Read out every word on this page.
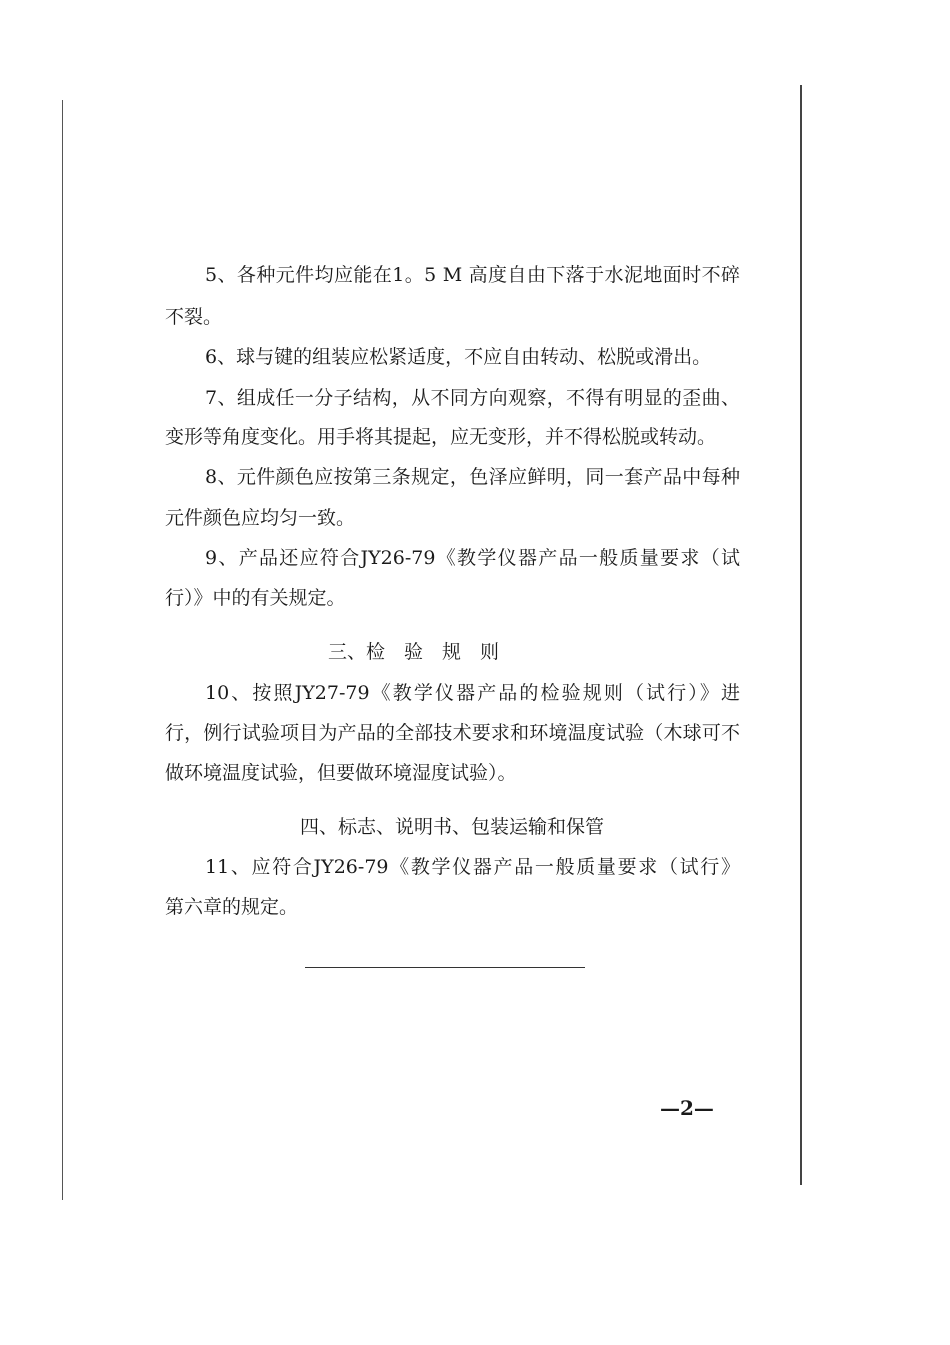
5、各种元件均应能在1。5 M 高度自由下落于水泥地面时不碎
不裂。
6、球与键的组装应松紧适度，不应自由转动、松脱或滑出。
7、组成任一分子结构，从不同方向观察，不得有明显的歪曲、
变形等角度变化。用手将其提起，应无变形，并不得松脱或转动。
8、元件颜色应按第三条规定，色泽应鲜明，同一套产品中每种
元件颜色应均匀一致。
9、产品还应符合JY26-79《教学仪器产品一般质量要求（试
行）》中的有关规定。
三、检　验　规　则
10、按照JY27-79《教学仪器产品的检验规则（试行）》进
行，例行试验项目为产品的全部技术要求和环境温度试验（木球可不
做环境温度试验，但要做环境湿度试验）。
四、标志、说明书、包装运输和保管
11、应符合JY26-79《教学仪器产品一般质量要求（试行》
第六章的规定。
—2—
